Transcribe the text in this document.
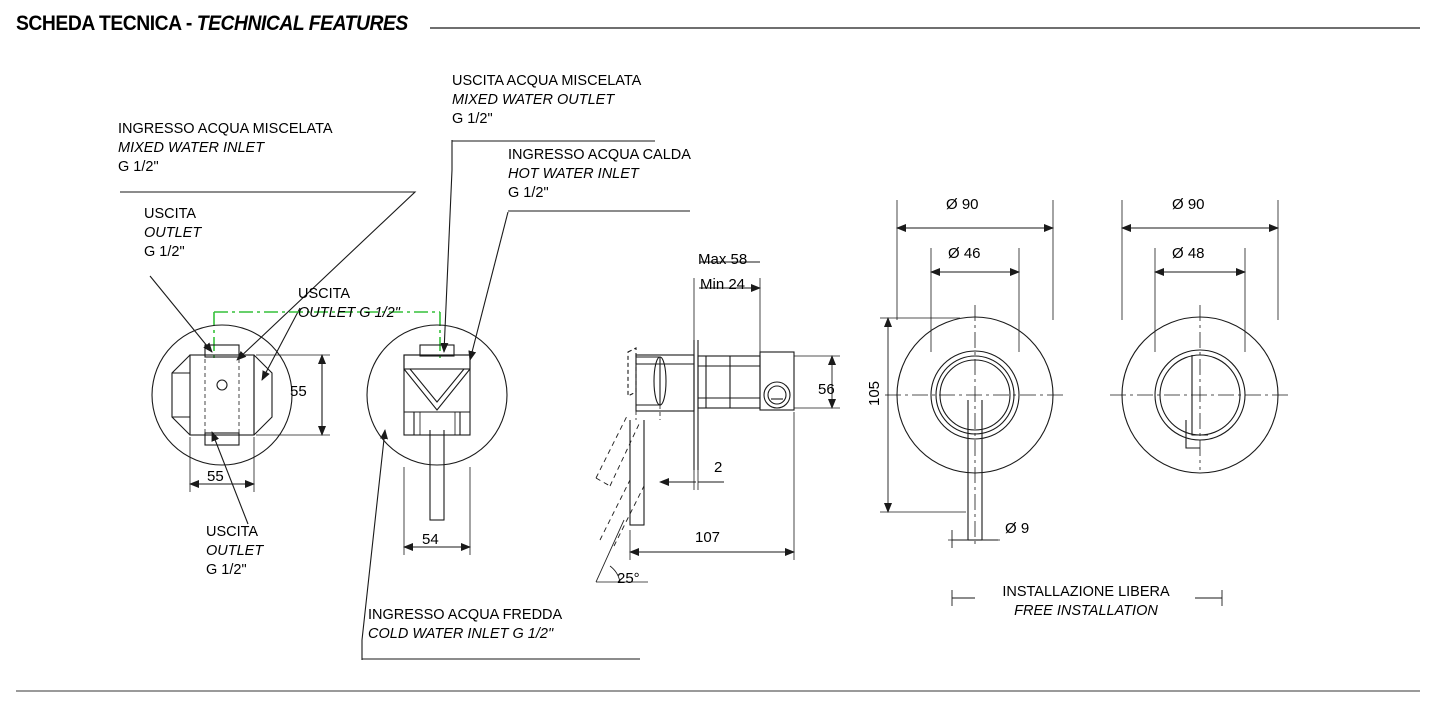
SCHEDA TECNICA - TECHNICAL FEATURES
INGRESSO ACQUA MISCELATA
MIXED WATER INLET
G 1/2"
USCITA
OUTLET
G 1/2"
USCITA
OUTLET G 1/2"
USCITA
OUTLET
G 1/2"
USCITA ACQUA MISCELATA
MIXED WATER OUTLET
G 1/2"
INGRESSO ACQUA CALDA
HOT WATER INLET
G 1/2"
INGRESSO ACQUA FREDDA
COLD WATER INLET G 1/2"
INSTALLAZIONE LIBERA
FREE INSTALLATION
55
55
54
Max 58
Min 24
2
107
56
25°
Ø 90
Ø 46
105
Ø 9
Ø 90
Ø 48
